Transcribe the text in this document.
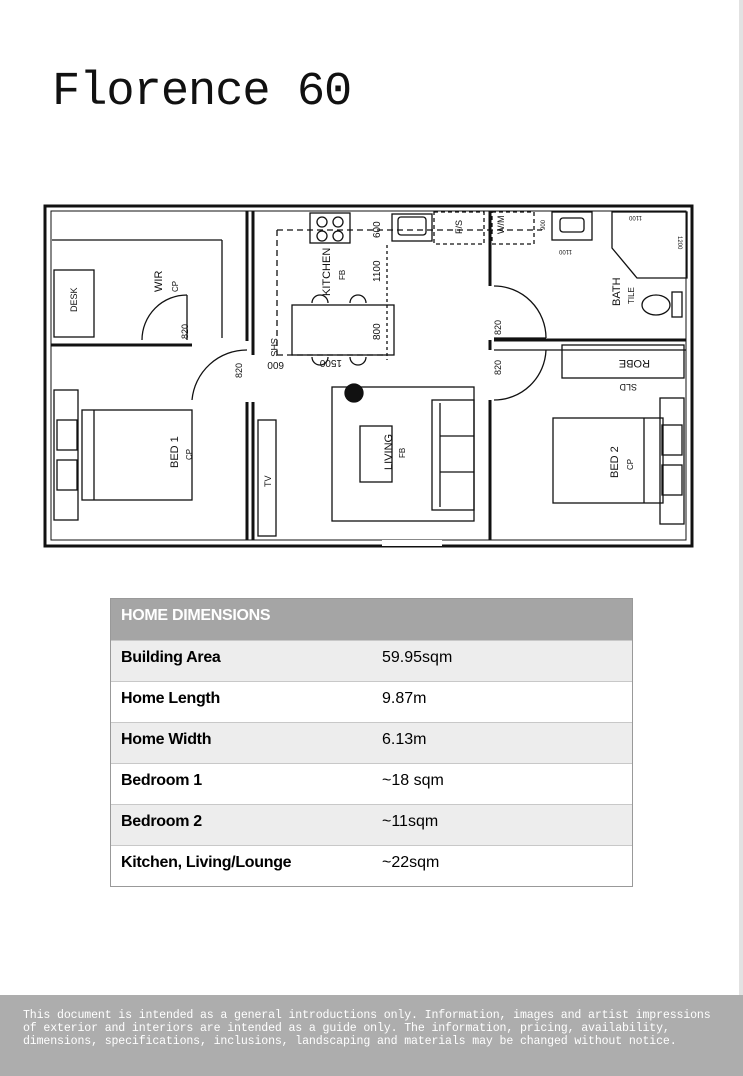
Florence 60
WIR CP
DESK
KITCHEN FB
F/S	W/M
BATH TILE
ROBE
SLD
BED 1 CP	BED 2 CP
LIVING FB
TV
SHS
600
1100
800
1500
600
820
820
820
820
900
1100
1100
1200
HOME DIMENSIONS
Building Area	59.95sqm
Home Length	9.87m
Home Width	6.13m
Bedroom 1	~18 sqm
Bedroom 2	~11sqm
Kitchen, Living/Lounge	~22sqm

This document is intended as a general introductions only. Information, images and artist impressions of exterior and interiors are intended as a guide only. The information, pricing, availability, dimensions, specifications, inclusions, landscaping and materials may be changed without notice.
